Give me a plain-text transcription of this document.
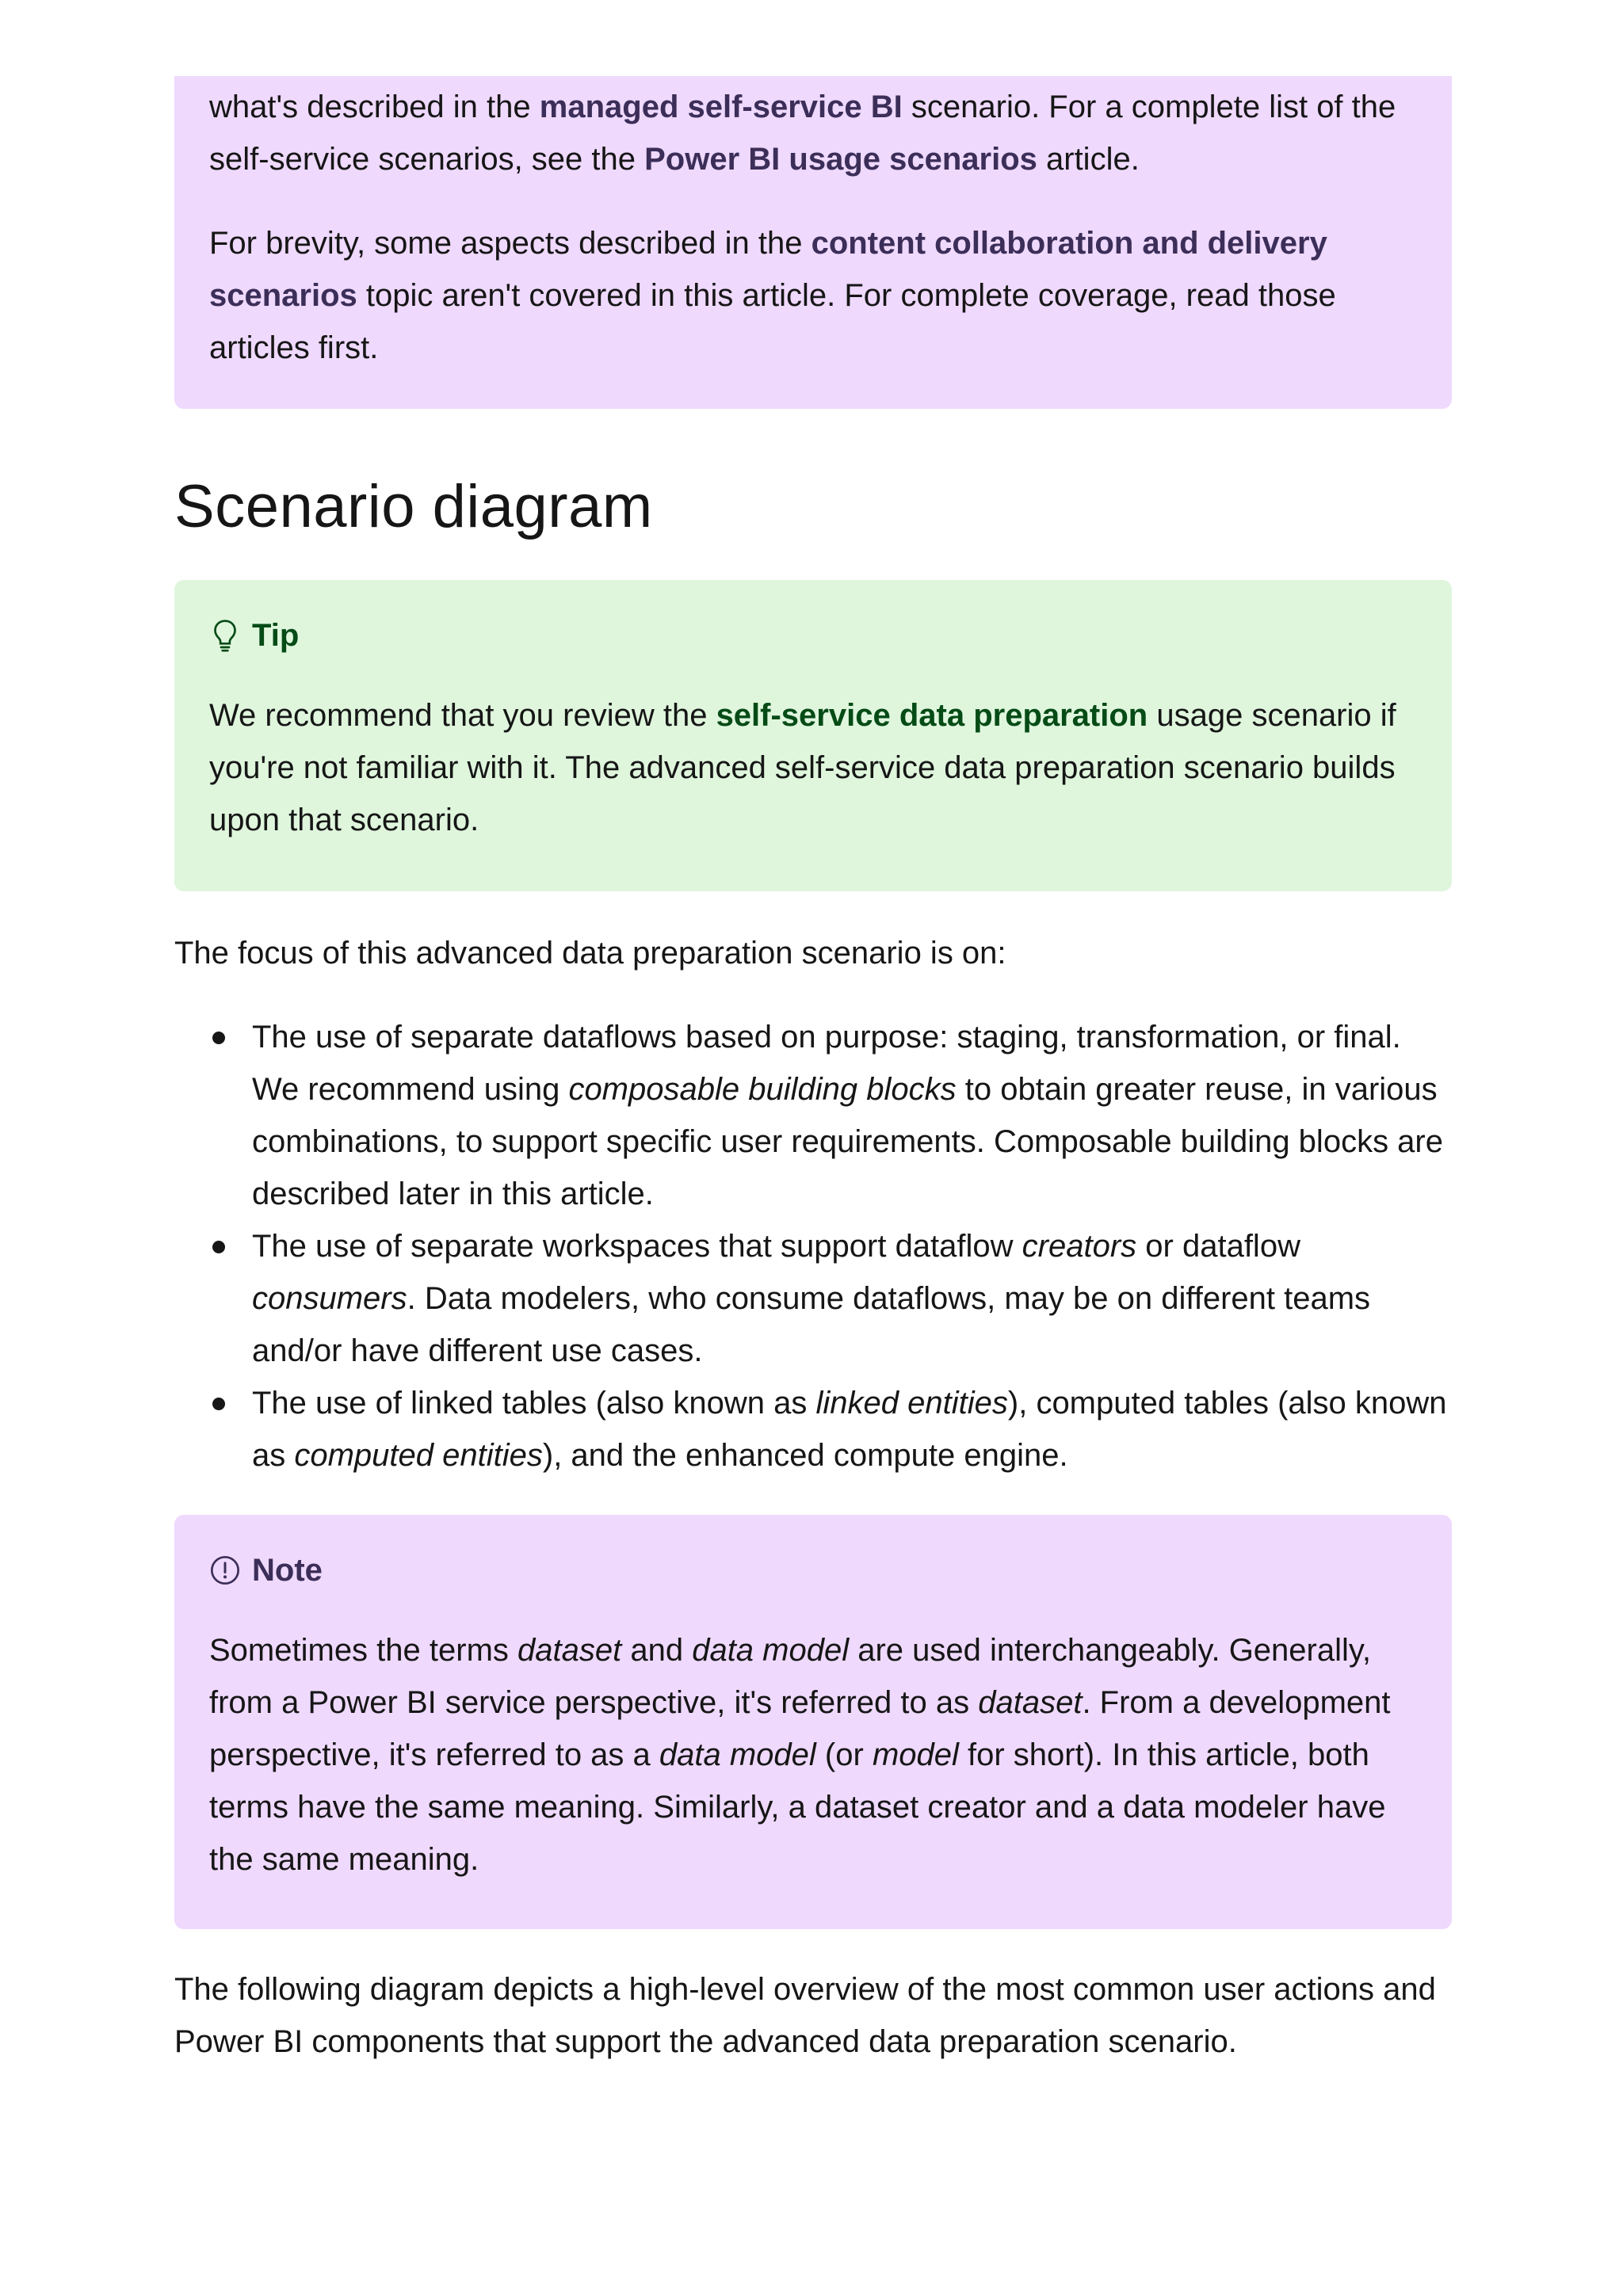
what's described in the managed self-service BI scenario. For a complete list of the self-service scenarios, see the Power BI usage scenarios article.

For brevity, some aspects described in the content collaboration and delivery scenarios topic aren't covered in this article. For complete coverage, read those articles first.

Scenario diagram
Tip

We recommend that you review the self-service data preparation usage scenario if you're not familiar with it. The advanced self-service data preparation scenario builds upon that scenario.

The focus of this advanced data preparation scenario is on:

The use of separate dataflows based on purpose: staging, transformation, or final. We recommend using composable building blocks to obtain greater reuse, in various combinations, to support specific user requirements. Composable building blocks are described later in this article.
The use of separate workspaces that support dataflow creators or dataflow consumers. Data modelers, who consume dataflows, may be on different teams and/or have different use cases.
The use of linked tables (also known as linked entities), computed tables (also known as computed entities), and the enhanced compute engine.
Note

Sometimes the terms dataset and data model are used interchangeably. Generally, from a Power BI service perspective, it's referred to as dataset. From a development perspective, it's referred to as a data model (or model for short). In this article, both terms have the same meaning. Similarly, a dataset creator and a data modeler have the same meaning.

The following diagram depicts a high-level overview of the most common user actions and Power BI components that support the advanced data preparation scenario.
